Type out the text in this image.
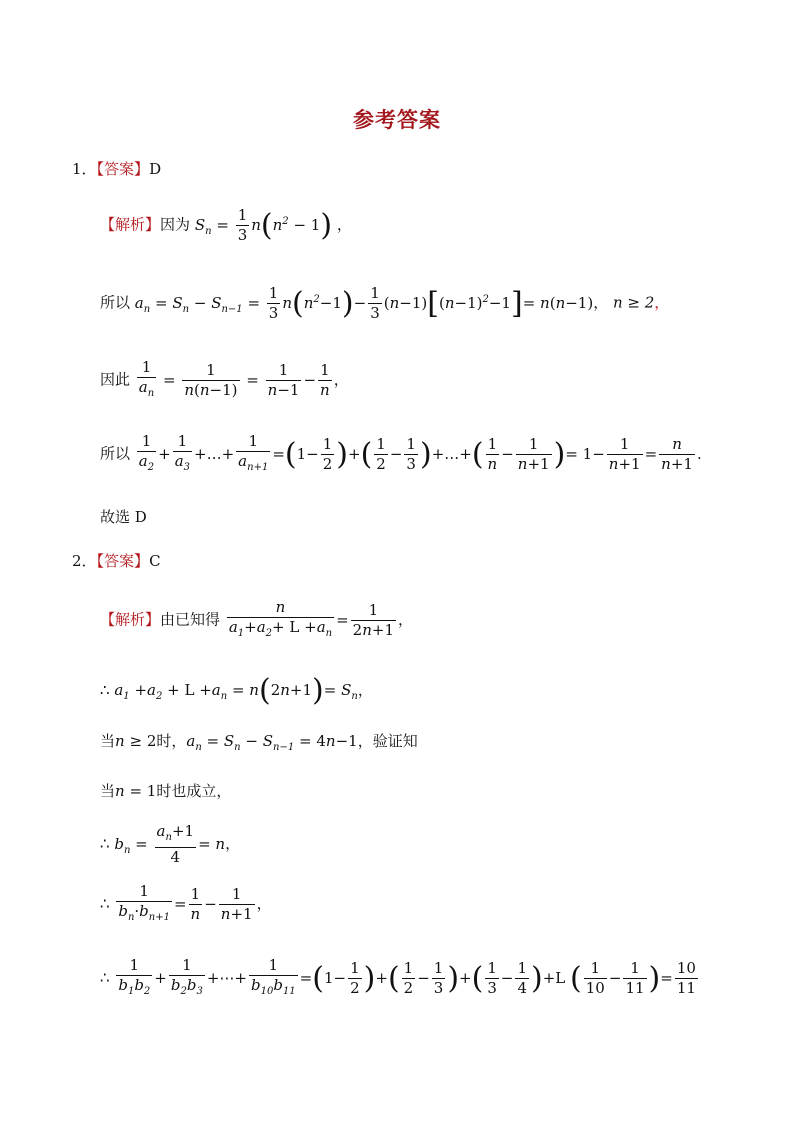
参考答案
1．【答案】D
【解析】因为 $S_n = \frac{1}{3} n(n^2 - 1)$ ，
所以 $a_n = S_n - S_{n-1} = \frac{1}{3} n(n^2-1)- \frac{1}{3} (n-1)[(n-1)^2-1]= n(n-1)$， n ≥ 2，
因此 $\frac{1}{a_n} = \frac{1}{n(n-1)} = \frac{1}{n-1} - \frac{1}{n}$ ，
所以 $\frac{1}{a_2} + \frac{1}{a_3}$ +…+ $\frac{1}{a_{n+1}} =(1- \frac{1}{2}$ )+( $\frac{1}{2} - \frac{1}{3}$ )+…+( $\frac{1}{n} - \frac{1}{n+1}$ )= $1- \frac{1}{n+1} = \frac{n}{n+1}$ .
故选 D
2．【答案】C
【解析】由已知得 $\frac{n}{a_1+a_2+ L +a_n} = \frac{1}{2n+1}$ ，
∴ $a_1 +a_2 + L +a_n = n(2n+1)= S_n$，
当n ≥ 2时，$a_n = S_n - S_{n-1} = 4n-1$，验证知
当n = 1时也成立，
∴ $b_n = \frac{a_n+1}{4} = n$，
∴ $\frac{1}{b_n\cdot b_{n+1}} = \frac{1}{n} - \frac{1}{n+1}$ ，
∴ $\frac{1}{b_1b_2} + \frac{1}{b_2b_3}$ +⋯+ $\frac{1}{b_{10}b_{11}} =(1- \frac{1}{2}$ )+( $\frac{1}{2} - \frac{1}{3}$ )+( $\frac{1}{3} - \frac{1}{4} )+L$ ( $\frac{1}{10} - \frac{1}{11}$ )= $\frac{10}{11}$
